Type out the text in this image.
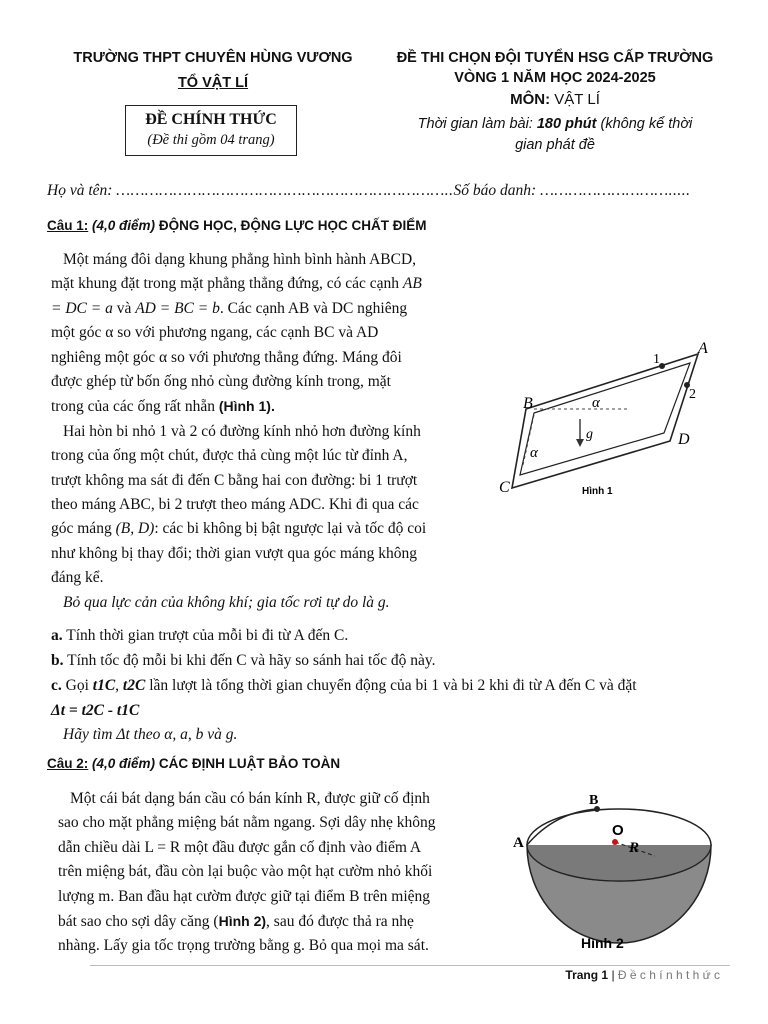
TRƯỜNG THPT CHUYÊN HÙNG VƯƠNG
TỔ VẬT LÍ
ĐỀ CHÍNH THỨC
(Đề thi gồm 04 trang)
ĐỀ THI CHỌN ĐỘI TUYỂN HSG CẤP TRƯỜNG
VÒNG 1 NĂM HỌC 2024-2025
MÔN: VẬT LÍ
Thời gian làm bài: 180 phút (không kể thời
gian phát đề
Họ và tên: ……………………………………………………………..Số báo danh: ……………………….....
Câu 1: (4,0 điểm) ĐỘNG HỌC, ĐỘNG LỰC HỌC CHẤT ĐIỂM

Một máng đôi dạng khung phẳng hình bình hành ABCD,

mặt khung đặt trong mặt phẳng thẳng đứng, có các cạnh AB

= DC = a và AD = BC = b. Các cạnh AB và DC nghiêng

một góc α so với phương ngang, các cạnh BC và AD

nghiêng một góc α so với phương thẳng đứng. Máng đôi

được ghép từ bốn ống nhỏ cùng đường kính trong, mặt

trong của các ống rất nhẵn (Hình 1).

Hai hòn bi nhỏ 1 và 2 có đường kính nhỏ hơn đường kính

trong của ống một chút, được thả cùng một lúc từ đỉnh A,

trượt không ma sát đi đến C bằng hai con đường: bi 1 trượt

theo máng ABC, bi 2 trượt theo máng ADC. Khi đi qua các

góc máng (B, D): các bi không bị bật ngược lại và tốc độ coi

như không bị thay đổi; thời gian vượt qua góc máng không

đáng kể.

Bỏ qua lực cản của không khí; gia tốc rơi tự do là g.

A
B
C
D
1
2
α
α
g
Hình 1
a. Tính thời gian trượt của mỗi bi đi từ A đến C.
b. Tính tốc độ mỗi bi khi đến C và hãy so sánh hai tốc độ này.
c. Gọi t1C, t2C lần lượt là tổng thời gian chuyển động của bi 1 và bi 2 khi đi từ A đến C và đặt
Δt = t2C - t1C
Hãy tìm Δt theo α, a, b và g.
Câu 2: (4,0 điểm) CÁC ĐỊNH LUẬT BẢO TOÀN

Một cái bát dạng bán cầu có bán kính R, được giữ cố định

sao cho mặt phẳng miệng bát nằm ngang. Sợi dây nhẹ không

dẫn chiều dài L = R một đầu được gắn cố định vào điểm A

trên miệng bát, đầu còn lại buộc vào một hạt cườm nhỏ khối

lượng m. Ban đầu hạt cườm được giữ tại điểm B trên miệng

bát sao cho sợi dây căng (Hình 2), sau đó được thả ra nhẹ

nhàng. Lấy gia tốc trọng trường bằng g. Bỏ qua mọi ma sát.

B
A
O
R
Hình 2
Trang 1 | Đ ề c h í n h t h ứ c
